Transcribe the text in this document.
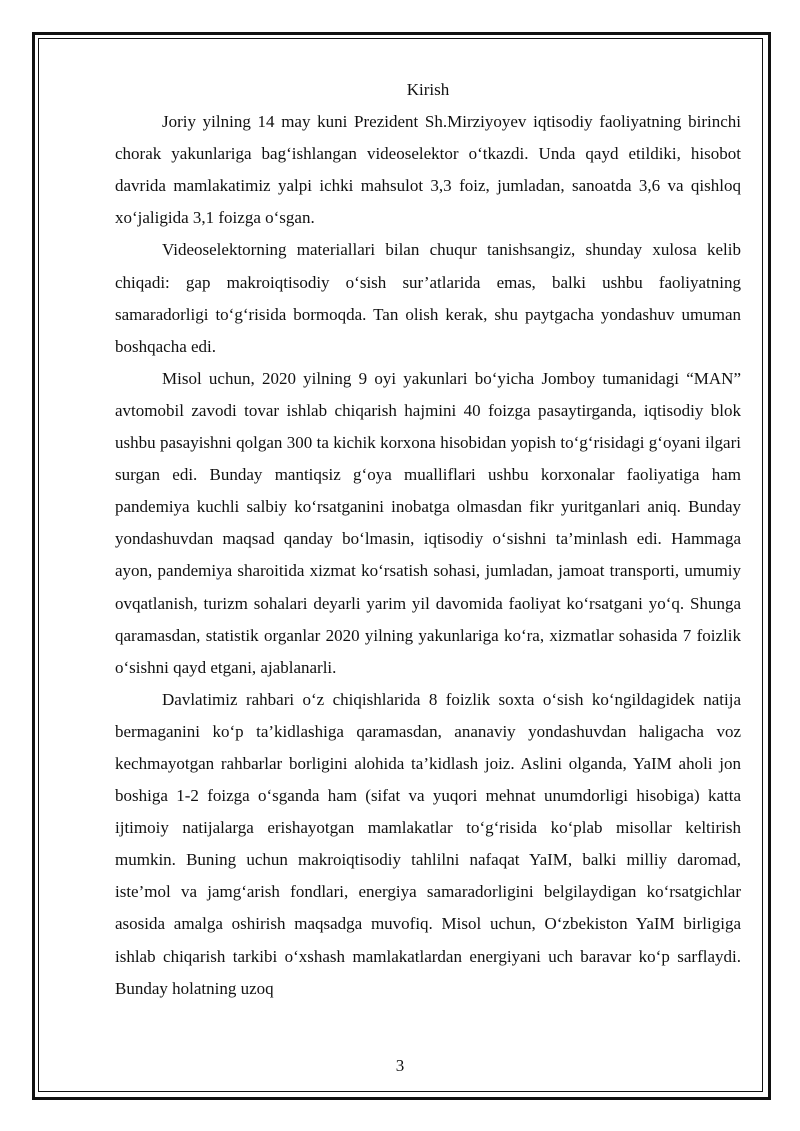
Kirish

Joriy yilning 14 may kuni Prezident Sh.Mirziyoyev iqtisodiy faoliyatning birinchi chorak yakunlariga bag‘ishlangan videoselektor o‘tkazdi. Unda qayd etildiki, hisobot davrida mamlakatimiz yalpi ichki mahsulot 3,3 foiz, jumladan, sanoatda 3,6 va qishloq xo‘jaligida 3,1 foizga o‘sgan.

Videoselektorning materiallari bilan chuqur tanishsangiz, shunday xulosa kelib chiqadi: gap makroiqtisodiy o‘sish sur’atlarida emas, balki ushbu faoliyatning samaradorligi to‘g‘risida bormoqda. Tan olish kerak, shu paytgacha yondashuv umuman boshqacha edi.

Misol uchun, 2020 yilning 9 oyi yakunlari bo‘yicha Jomboy tumanidagi “MAN” avtomobil zavodi tovar ishlab chiqarish hajmini 40 foizga pasaytirganda, iqtisodiy blok ushbu pasayishni qolgan 300 ta kichik korxona hisobidan yopish to‘g‘risidagi g‘oyani ilgari surgan edi. Bunday mantiqsiz g‘oya mualliflari ushbu korxonalar faoliyatiga ham pandemiya kuchli salbiy ko‘rsatganini inobatga olmasdan fikr yuritganlari aniq. Bunday yondashuvdan maqsad qanday bo‘lmasin, iqtisodiy o‘sishni ta’minlash edi. Hammaga ayon, pandemiya sharoitida xizmat ko‘rsatish sohasi, jumladan, jamoat transporti, umumiy ovqatlanish, turizm sohalari deyarli yarim yil davomida faoliyat ko‘rsatgani yo‘q. Shunga qaramasdan, statistik organlar 2020 yilning yakunlariga ko‘ra, xizmatlar sohasida 7 foizlik o‘sishni qayd etgani, ajablanarli.

Davlatimiz rahbari o‘z chiqishlarida 8 foizlik soxta o‘sish ko‘ngildagidek natija bermaganini ko‘p ta’kidlashiga qaramasdan, ananaviy yondashuvdan haligacha voz kechmayotgan rahbarlar borligini alohida ta’kidlash joiz. Aslini olganda, YaIM aholi jon boshiga 1-2 foizga o‘sganda ham (sifat va yuqori mehnat unumdorligi hisobiga) katta ijtimoiy natijalarga erishayotgan mamlakatlar to‘g‘risida ko‘plab misollar keltirish mumkin. Buning uchun makroiqtisodiy tahlilni nafaqat YaIM, balki milliy daromad, iste’mol va jamg‘arish fondlari, energiya samaradorligini belgilaydigan ko‘rsatgichlar asosida amalga oshirish maqsadga muvofiq. Misol uchun, O‘zbekiston YaIM birligiga ishlab chiqarish tarkibi o‘xshash mamlakatlardan energiyani uch baravar ko‘p sarflaydi. Bunday holatning uzoq

3
